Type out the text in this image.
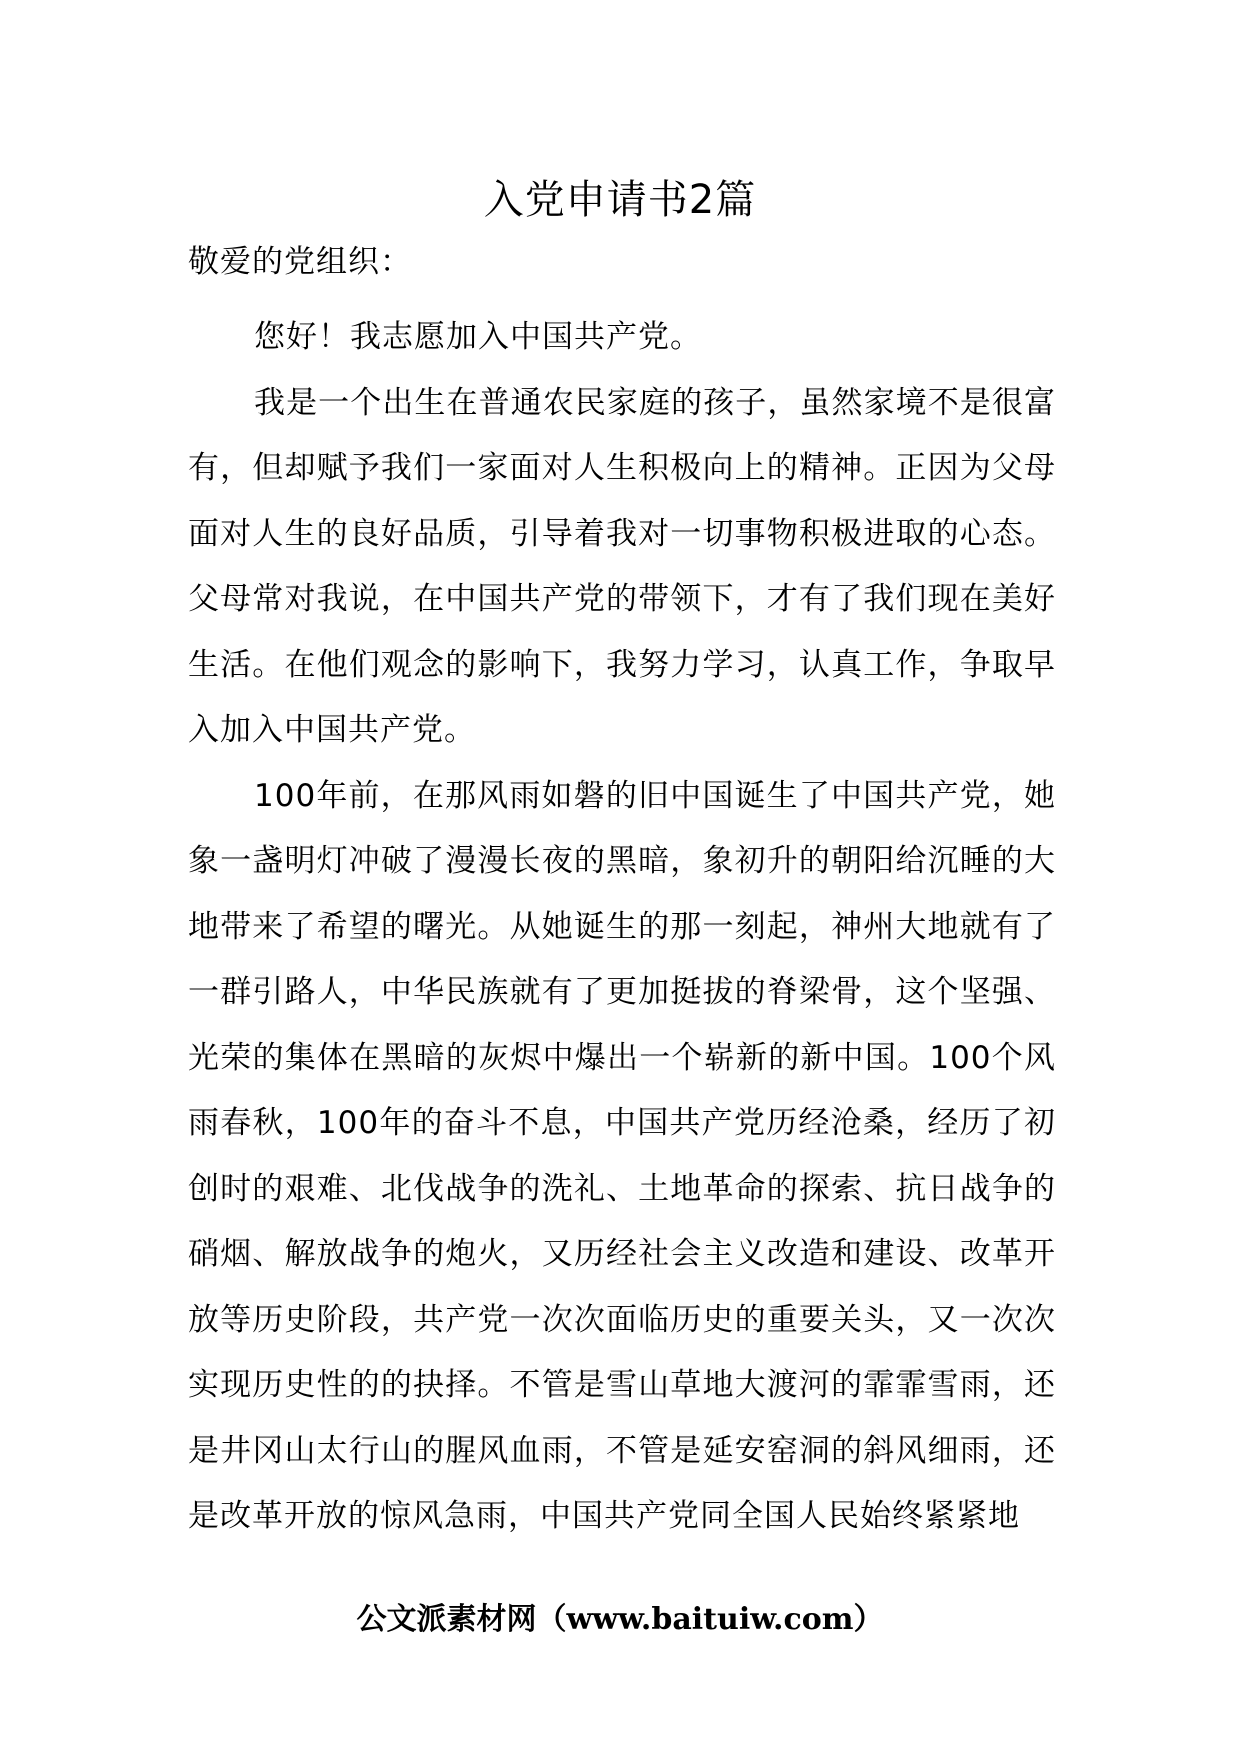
入党申请书2篇
敬爱的党组织：

您好！我志愿加入中国共产党。

我是一个出生在普通农民家庭的孩子，虽然家境不是很富有，但却赋予我们一家面对人生积极向上的精神。正因为父母面对人生的良好品质，引导着我对一切事物积极进取的心态。父母常对我说，在中国共产党的带领下，才有了我们现在美好生活。在他们观念的影响下，我努力学习，认真工作，争取早入加入中国共产党。

100年前，在那风雨如磐的旧中国诞生了中国共产党，她象一盏明灯冲破了漫漫长夜的黑暗，象初升的朝阳给沉睡的大地带来了希望的曙光。从她诞生的那一刻起，神州大地就有了一群引路人，中华民族就有了更加挺拔的脊梁骨，这个坚强、光荣的集体在黑暗的灰烬中爆出一个崭新的新中国。100个风雨春秋，100年的奋斗不息，中国共产党历经沧桑，经历了初创时的艰难、北伐战争的洗礼、土地革命的探索、抗日战争的硝烟、解放战争的炮火，又历经社会主义改造和建设、改革开放等历史阶段，共产党一次次面临历史的重要关头，又一次次实现历史性的的抉择。不管是雪山草地大渡河的霏霏雪雨，还是井冈山太行山的腥风血雨，不管是延安窑洞的斜风细雨，还是改革开放的惊风急雨，中国共产党同全国人民始终紧紧地

公文派素材网（www.baituiw.com）
